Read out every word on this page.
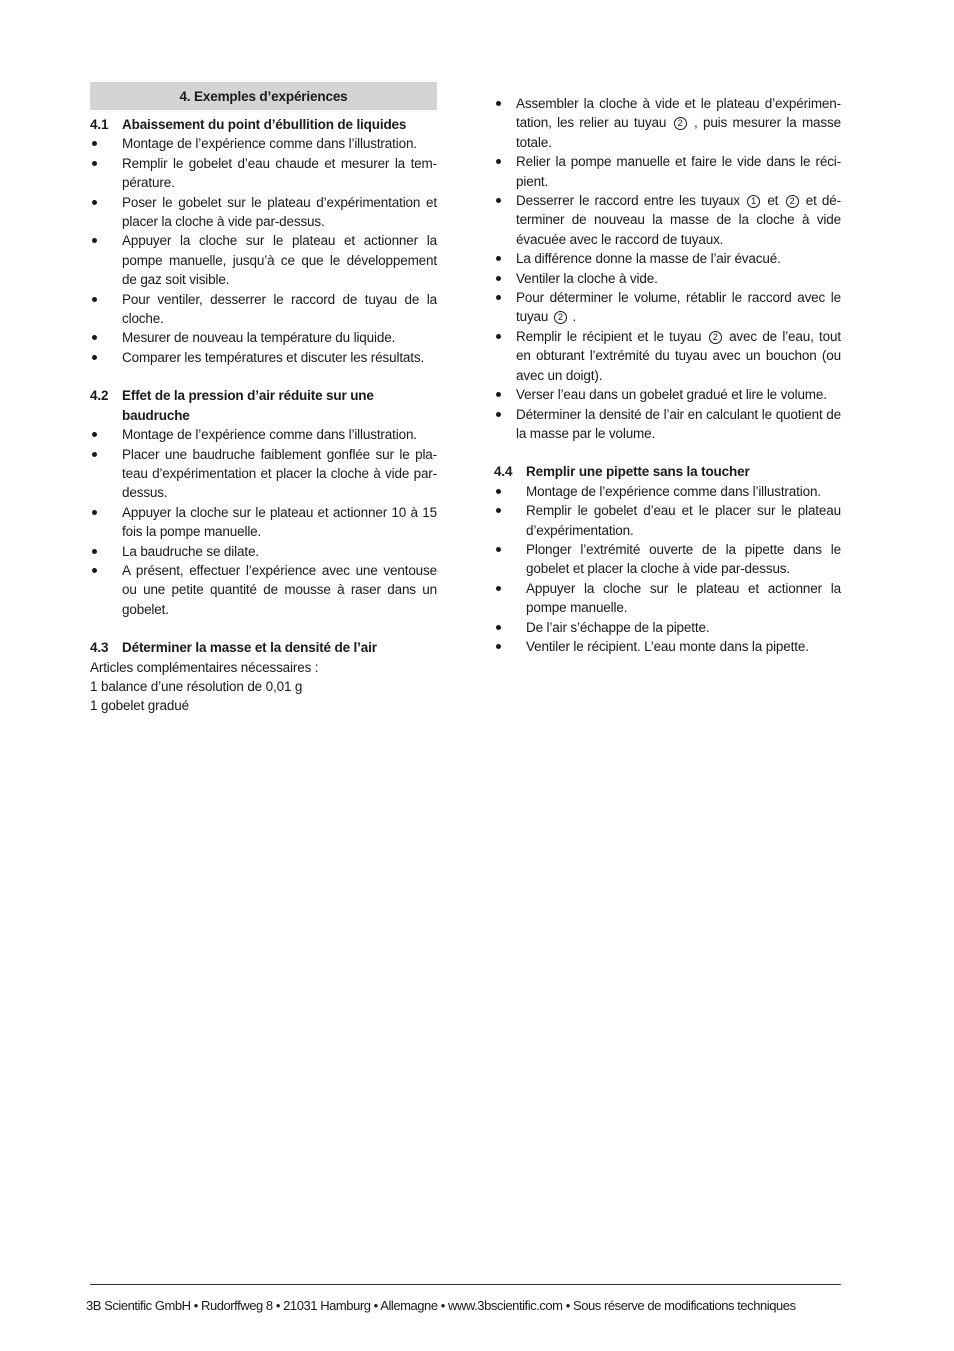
4. Exemples d’expériences
4.1	Abaissement du point d’ébullition de liquides
Montage de l’expérience comme dans l’illustration.
Remplir le gobelet d’eau chaude et mesurer la tem-pérature.
Poser le gobelet sur le plateau d’expérimentation et placer la cloche à vide par-dessus.
Appuyer la cloche sur le plateau et actionner la pompe manuelle, jusqu’à ce que le développement de gaz soit visible.
Pour ventiler, desserrer le raccord de tuyau de la cloche.
Mesurer de nouveau la température du liquide.
Comparer les températures et discuter les résultats.
4.2	Effet de la pression d’air réduite sur une baudruche
Montage de l’expérience comme dans l’illustration.
Placer une baudruche faiblement gonflée sur le pla-teau d’expérimentation et placer la cloche à vide par-dessus.
Appuyer la cloche sur le plateau et actionner 10 à 15 fois la pompe manuelle.
La baudruche se dilate.
A présent, effectuer l’expérience avec une ventouse ou une petite quantité de mousse à raser dans un gobelet.
4.3	Déterminer la masse et la densité de l’air

Articles complémentaires nécessaires :

1 balance d’une résolution de 0,01 g

1 gobelet gradué

Assembler la cloche à vide et le plateau d’expérimen-tation, les relier au tuyau 2 , puis mesurer la masse totale.
Relier la pompe manuelle et faire le vide dans le réci-pient.
Desserrer le raccord entre les tuyaux 1 et 2 et dé-terminer de nouveau la masse de la cloche à vide évacuée avec le raccord de tuyaux.
La différence donne la masse de l’air évacué.
Ventiler la cloche à vide.
Pour déterminer le volume, rétablir le raccord avec le tuyau 2 .
Remplir le récipient et le tuyau 2 avec de l’eau, tout en obturant l’extrémité du tuyau avec un bouchon (ou avec un doigt).
Verser l’eau dans un gobelet gradué et lire le volume.
Déterminer la densité de l’air en calculant le quotient de la masse par le volume.
4.4	Remplir une pipette sans la toucher
Montage de l’expérience comme dans l’illustration.
Remplir le gobelet d’eau et le placer sur le plateau d’expérimentation.
Plonger l’extrémité ouverte de la pipette dans le gobelet et placer la cloche à vide par-dessus.
Appuyer la cloche sur le plateau et actionner la pompe manuelle.
De l’air s’échappe de la pipette.
Ventiler le récipient. L’eau monte dans la pipette.
3B Scientific GmbH • Rudorffweg 8 • 21031 Hamburg • Allemagne • www.3bscientific.com • Sous réserve de modifications techniques
